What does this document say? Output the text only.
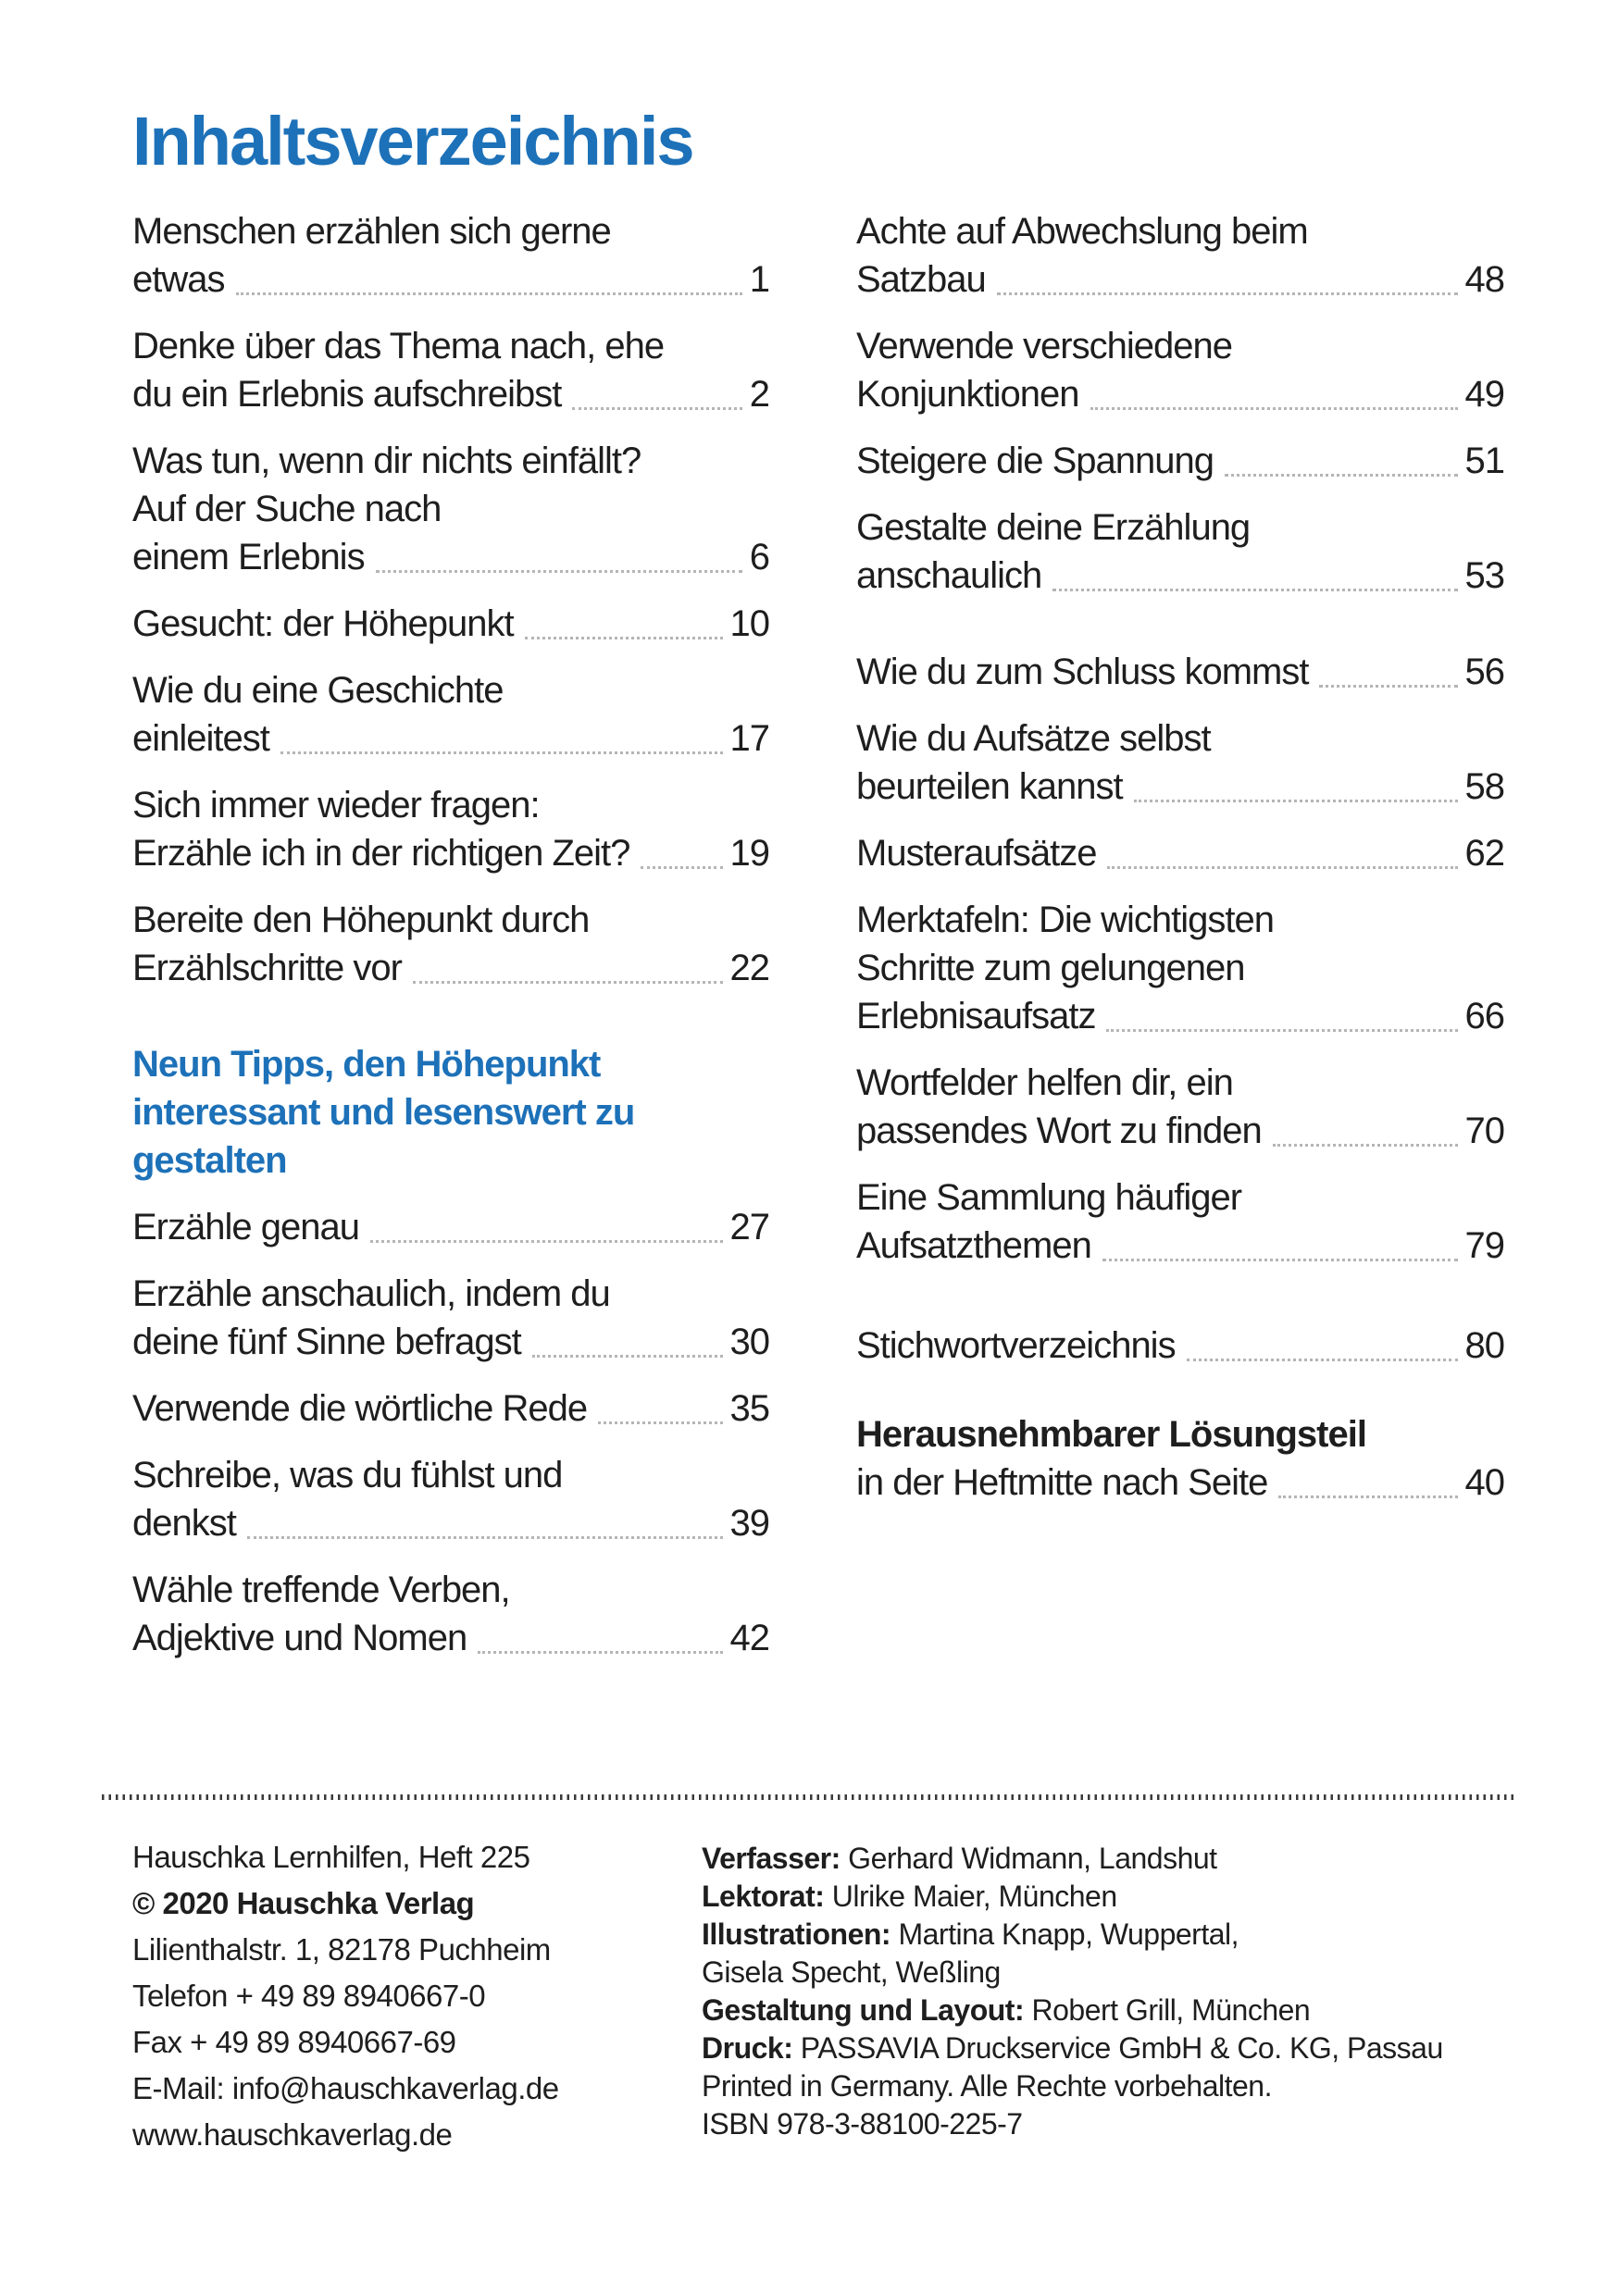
Inhaltsverzeichnis
Menschen erzählen sich gerne
etwas	1
Denke über das Thema nach, ehe
du ein Erlebnis aufschreibst	2
Was tun, wenn dir nichts einfällt?
Auf der Suche nach
einem Erlebnis	6
Gesucht: der Höhepunkt	10
Wie du eine Geschichte
einleitest	17
Sich immer wieder fragen:
Erzähle ich in der richtigen Zeit?	19
Bereite den Höhepunkt durch
Erzählschritte vor	22
Neun Tipps, den Höhepunkt
interessant und lesenswert zu
gestalten
Erzähle genau	27
Erzähle anschaulich, indem du
deine fünf Sinne befragst	30
Verwende die wörtliche Rede	35
Schreibe, was du fühlst und
denkst	39
Wähle treffende Verben,
Adjektive und Nomen	42
Achte auf Abwechslung beim
Satzbau	48
Verwende verschiedene
Konjunktionen	49
Steigere die Spannung	51
Gestalte deine Erzählung
anschaulich	53
Wie du zum Schluss kommst	56
Wie du Aufsätze selbst
beurteilen kannst	58
Musteraufsätze	62
Merktafeln: Die wichtigsten
Schritte zum gelungenen
Erlebnisaufsatz	66
Wortfelder helfen dir, ein
passendes Wort zu finden	70
Eine Sammlung häufiger
Aufsatzthemen	79
Stichwortverzeichnis	80
Herausnehmbarer Lösungsteil
in der Heftmitte nach Seite	40
Hauschka Lernhilfen, Heft 225
© 2020 Hauschka Verlag
Lilienthalstr. 1, 82178 Puchheim
Telefon + 49 89 8940667-0
Fax + 49 89 8940667-69
E-Mail: info@hauschkaverlag.de
www.hauschkaverlag.de
Verfasser: Gerhard Widmann, Landshut
Lektorat: Ulrike Maier, München
Illustrationen: Martina Knapp, Wuppertal,
Gisela Specht, Weßling
Gestaltung und Layout: Robert Grill, München
Druck: PASSAVIA Druckservice GmbH & Co. KG, Passau
Printed in Germany. Alle Rechte vorbehalten.
ISBN 978-3-88100-225-7
